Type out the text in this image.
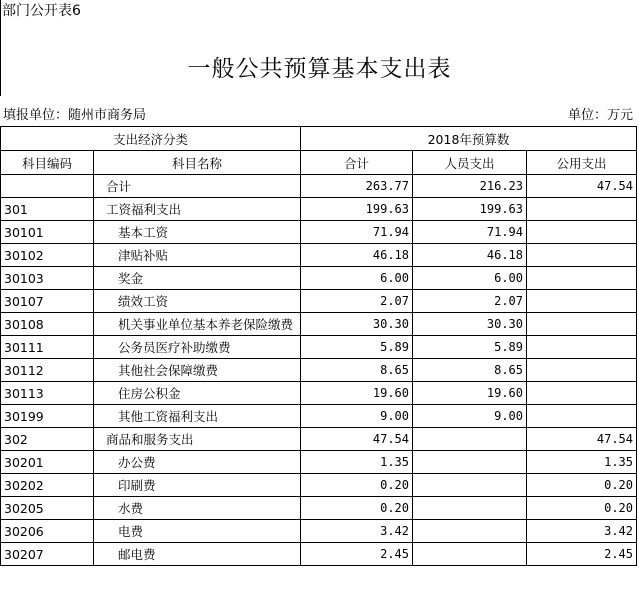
部门公开表6
一般公共预算基本支出表
填报单位：随州市商务局	单位：万元
支出经济分类		2018年预算数		
科目编码	科目名称	合计	人员支出	公用支出
	合计	263.77	216.23	47.54
301	工资福利支出	199.63	199.63	
30101	基本工资	71.94	71.94	
30102	津贴补贴	46.18	46.18	
30103	奖金	6.00	6.00	
30107	绩效工资	2.07	2.07	
30108	机关事业单位基本养老保险缴费	30.30	30.30	
30111	公务员医疗补助缴费	5.89	5.89	
30112	其他社会保障缴费	8.65	8.65	
30113	住房公积金	19.60	19.60	
30199	其他工资福利支出	9.00	9.00	
302	商品和服务支出	47.54		47.54
30201	办公费	1.35		1.35
30202	印刷费	0.20		0.20
30205	水费	0.20		0.20
30206	电费	3.42		3.42
30207	邮电费	2.45		2.45
